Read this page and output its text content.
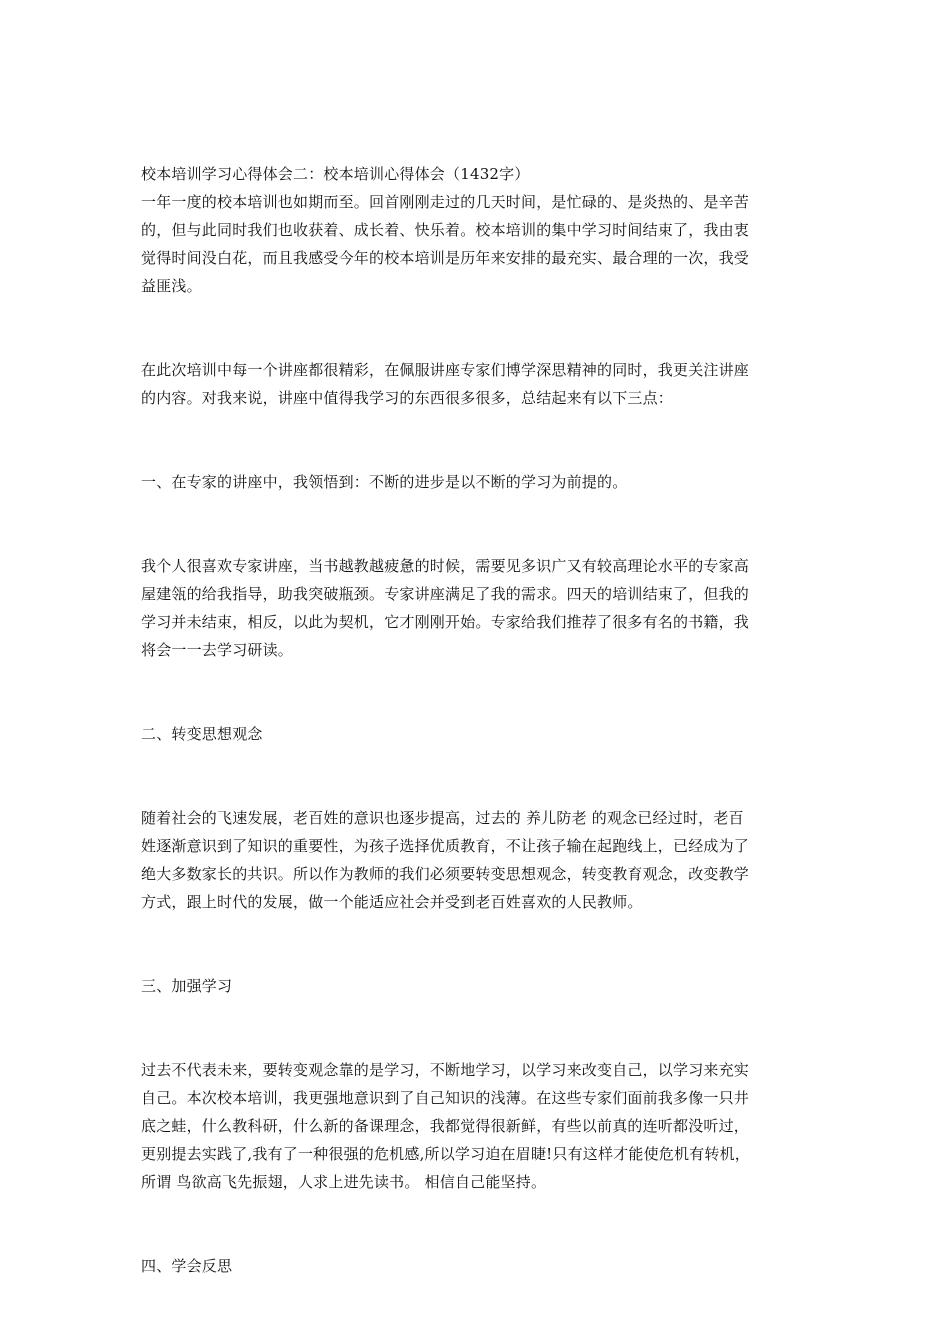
校本培训学习心得体会二：校本培训心得体会（1432字）
一年一度的校本培训也如期而至。回首刚刚走过的几天时间，是忙碌的、是炎热的、是辛苦
的，但与此同时我们也收获着、成长着、快乐着。校本培训的集中学习时间结束了，我由衷
觉得时间没白花，而且我感受今年的校本培训是历年来安排的最充实、最合理的一次，我受
益匪浅。
在此次培训中每一个讲座都很精彩，在佩服讲座专家们博学深思精神的同时，我更关注讲座
的内容。对我来说，讲座中值得我学习的东西很多很多，总结起来有以下三点：
一、在专家的讲座中，我领悟到：不断的进步是以不断的学习为前提的。
我个人很喜欢专家讲座，当书越教越疲惫的时候，需要见多识广又有较高理论水平的专家高
屋建瓴的给我指导，助我突破瓶颈。专家讲座满足了我的需求。四天的培训结束了，但我的
学习并未结束，相反，以此为契机，它才刚刚开始。专家给我们推荐了很多有名的书籍，我
将会一一去学习研读。
二、转变思想观念
随着社会的飞速发展，老百姓的意识也逐步提高，过去的 养儿防老 的观念已经过时，老百
姓逐渐意识到了知识的重要性，为孩子选择优质教育，不让孩子输在起跑线上，已经成为了
绝大多数家长的共识。所以作为教师的我们必须要转变思想观念，转变教育观念，改变教学
方式，跟上时代的发展，做一个能适应社会并受到老百姓喜欢的人民教师。
三、加强学习
过去不代表未来，要转变观念靠的是学习，不断地学习，以学习来改变自己，以学习来充实
自己。本次校本培训，我更强地意识到了自己知识的浅薄。在这些专家们面前我多像一只井
底之蛙，什么教科研，什么新的备课理念，我都觉得很新鲜，有些以前真的连听都没听过，
更别提去实践了,我有了一种很强的危机感,所以学习迫在眉睫!只有这样才能使危机有转机，
所谓 鸟欲高飞先振翅，人求上进先读书。 相信自己能坚持。
四、学会反思
